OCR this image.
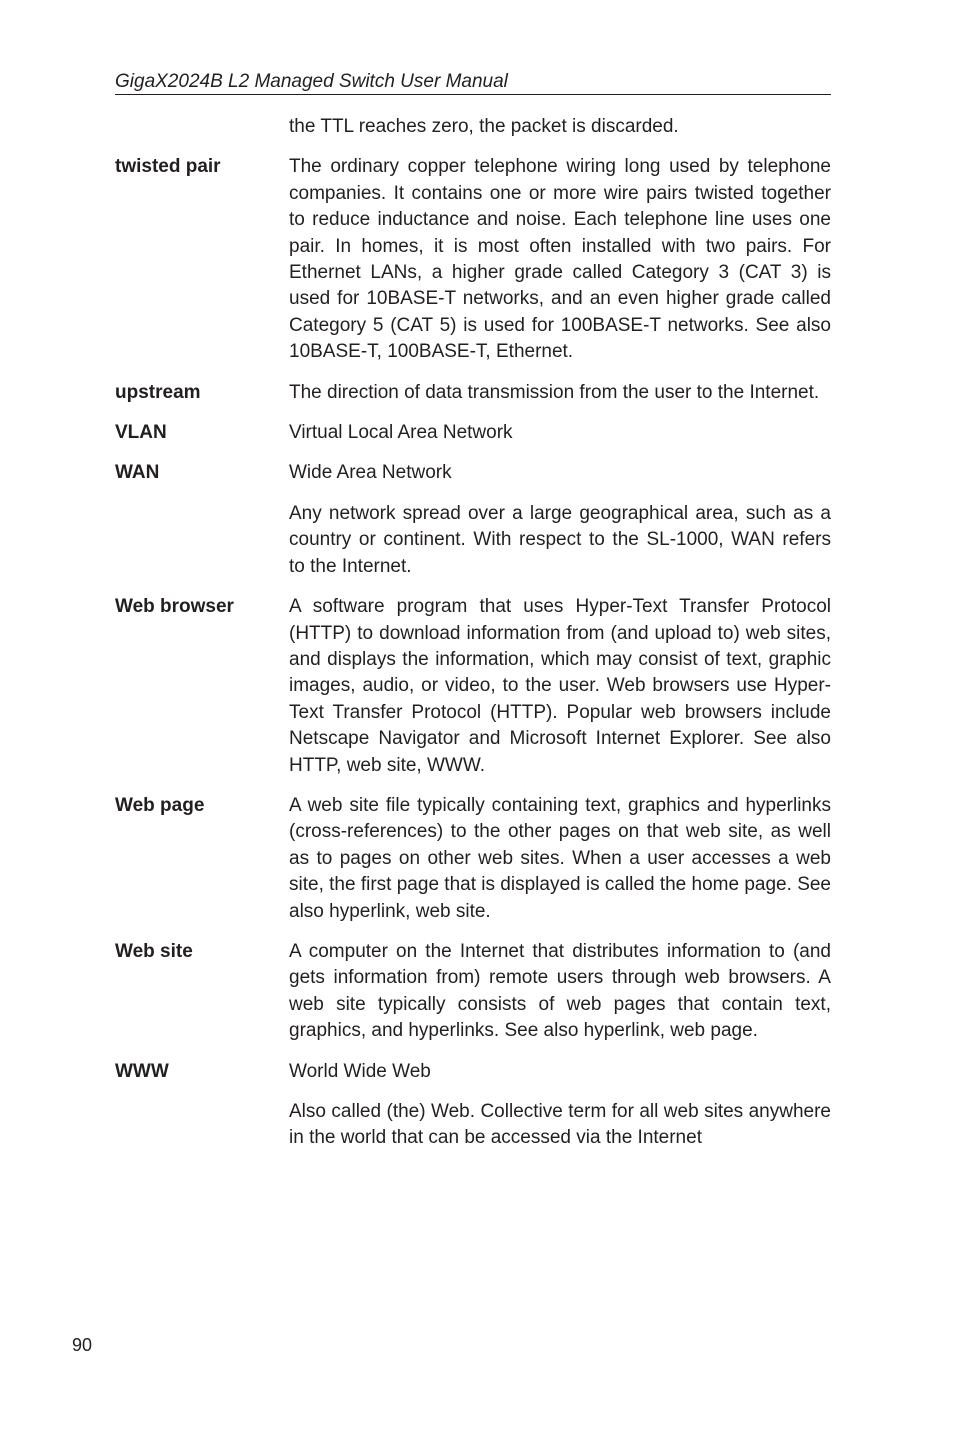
GigaX2024B L2 Managed Switch User Manual
the TTL reaches zero, the packet is discarded.
twisted pair	The ordinary copper telephone wiring long used by telephone companies. It contains one or more wire pairs twisted together to reduce inductance and noise. Each telephone line uses one pair. In homes, it is most often installed with two pairs. For Ethernet LANs, a higher grade called Category 3 (CAT 3) is used for 10BASE-T networks, and an even higher grade called Category 5 (CAT 5) is used for 100BASE-T networks. See also 10BASE-T, 100BASE-T, Ethernet.
upstream	The direction of data transmission from the user to the Internet.
VLAN	Virtual Local Area Network
WAN	Wide Area Network
Any network spread over a large geographical area, such as a country or continent. With respect to the SL-1000, WAN refers to the Internet.
Web browser	A software program that uses Hyper-Text Transfer Protocol (HTTP) to download information from (and upload to) web sites, and displays the information, which may consist of text, graphic images, audio, or video, to the user. Web browsers use Hyper-Text Transfer Protocol (HTTP). Popular web browsers include Netscape Navigator and Microsoft Internet Explorer. See also HTTP, web site, WWW.
Web page	A web site file typically containing text, graphics and hyperlinks (cross-references) to the other pages on that web site, as well as to pages on other web sites. When a user accesses a web site, the first page that is displayed is called the home page. See also hyperlink, web site.
Web site	A computer on the Internet that distributes information to (and gets information from) remote users through web browsers. A web site typically consists of web pages that contain text, graphics, and hyperlinks. See also hyperlink, web page.
WWW	World Wide Web
Also called (the) Web. Collective term for all web sites anywhere in the world that can be accessed via the Internet
90
